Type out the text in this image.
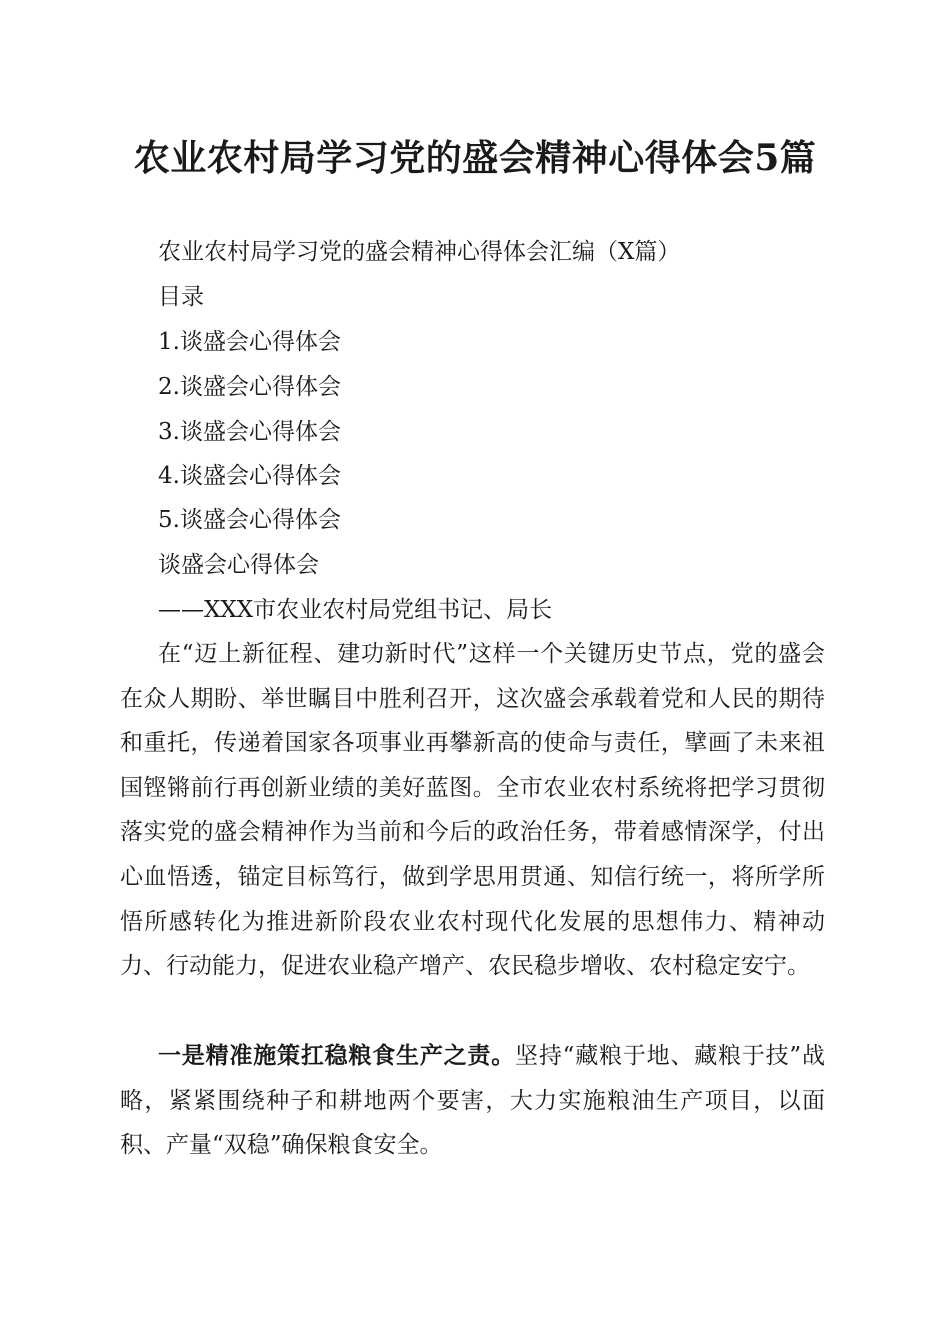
农业农村局学习党的盛会精神心得体会5篇
农业农村局学习党的盛会精神心得体会汇编（X篇）
目录
1.谈盛会心得体会
2.谈盛会心得体会
3.谈盛会心得体会
4.谈盛会心得体会
5.谈盛会心得体会
谈盛会心得体会
——XXX市农业农村局党组书记、局长
在“迈上新征程、建功新时代”这样一个关键历史节点，党的盛会在众人期盼、举世瞩目中胜利召开，这次盛会承载着党和人民的期待和重托，传递着国家各项事业再攀新高的使命与责任，擘画了未来祖国铿锵前行再创新业绩的美好蓝图。全市农业农村系统将把学习贯彻落实党的盛会精神作为当前和今后的政治任务，带着感情深学，付出心血悟透，锚定目标笃行，做到学思用贯通、知信行统一，将所学所悟所感转化为推进新阶段农业农村现代化发展的思想伟力、精神动力、行动能力，促进农业稳产增产、农民稳步增收、农村稳定安宁。
一是精准施策扛稳粮食生产之责。坚持“藏粮于地、藏粮于技”战略，紧紧围绕种子和耕地两个要害，大力实施粮油生产项目，以面积、产量“双稳”确保粮食安全。
